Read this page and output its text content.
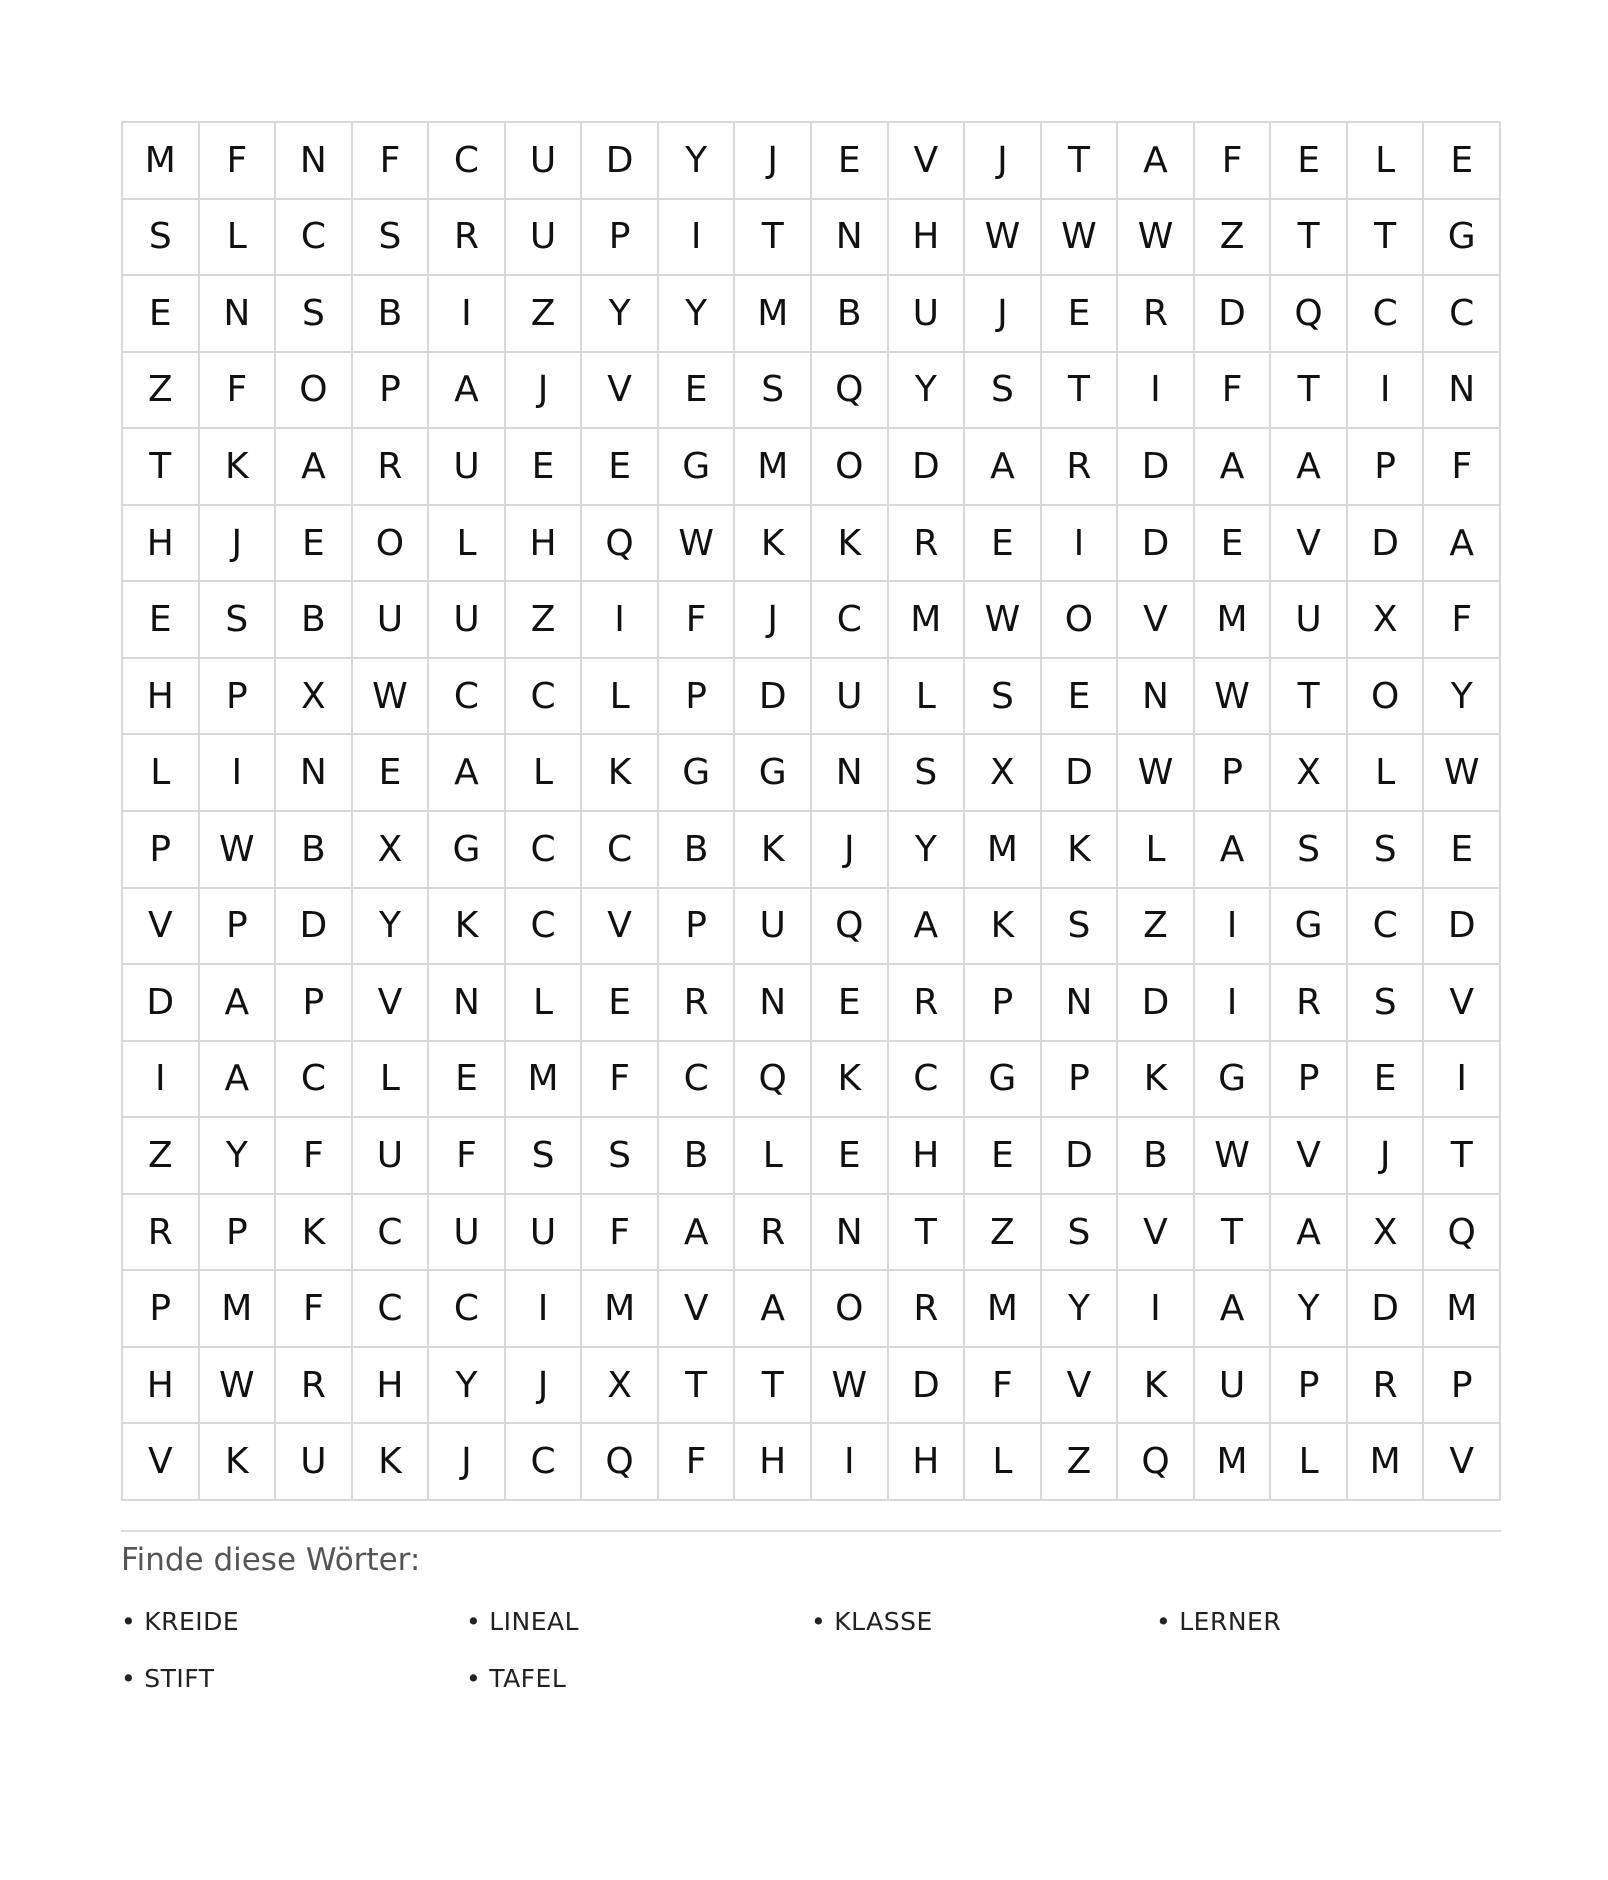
M	F	N	F	C	U	D	Y	J	E	V	J	T	A	F	E	L	E
S	L	C	S	R	U	P	I	T	N	H	W	W	W	Z	T	T	G
E	N	S	B	I	Z	Y	Y	M	B	U	J	E	R	D	Q	C	C
Z	F	O	P	A	J	V	E	S	Q	Y	S	T	I	F	T	I	N
T	K	A	R	U	E	E	G	M	O	D	A	R	D	A	A	P	F
H	J	E	O	L	H	Q	W	K	K	R	E	I	D	E	V	D	A
E	S	B	U	U	Z	I	F	J	C	M	W	O	V	M	U	X	F
H	P	X	W	C	C	L	P	D	U	L	S	E	N	W	T	O	Y
L	I	N	E	A	L	K	G	G	N	S	X	D	W	P	X	L	W
P	W	B	X	G	C	C	B	K	J	Y	M	K	L	A	S	S	E
V	P	D	Y	K	C	V	P	U	Q	A	K	S	Z	I	G	C	D
D	A	P	V	N	L	E	R	N	E	R	P	N	D	I	R	S	V
I	A	C	L	E	M	F	C	Q	K	C	G	P	K	G	P	E	I
Z	Y	F	U	F	S	S	B	L	E	H	E	D	B	W	V	J	T
R	P	K	C	U	U	F	A	R	N	T	Z	S	V	T	A	X	Q
P	M	F	C	C	I	M	V	A	O	R	M	Y	I	A	Y	D	M
H	W	R	H	Y	J	X	T	T	W	D	F	V	K	U	P	R	P
V	K	U	K	J	C	Q	F	H	I	H	L	Z	Q	M	L	M	V
Finde diese Wörter:
• KREIDE	• LINEAL	• KLASSE	• LERNER
• STIFT	• TAFEL
